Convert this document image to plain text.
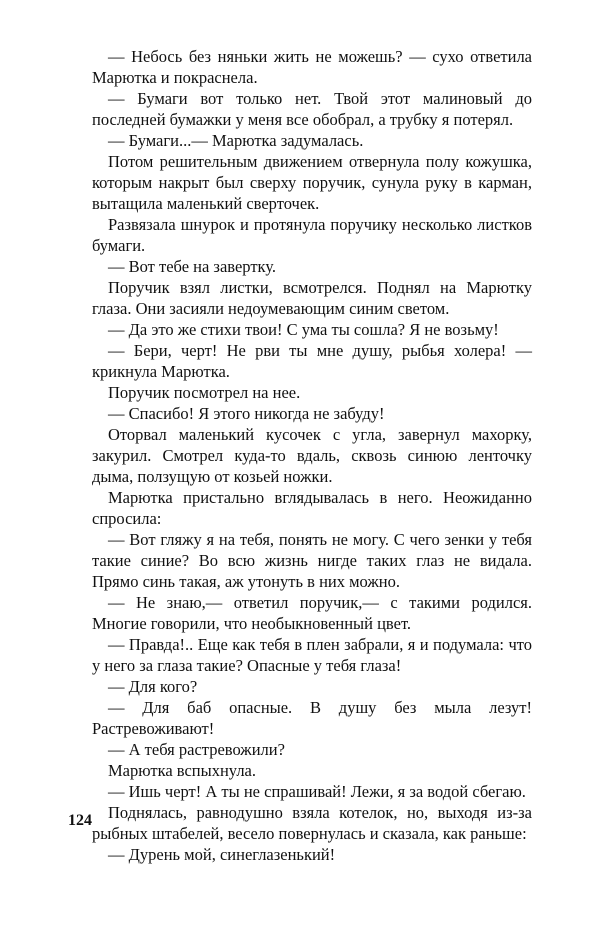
— Небось без няньки жить не можешь? — сухо ответила Марютка и покраснела.

— Бумаги вот только нет. Твой этот малиновый до последней бумажки у меня все обобрал, а трубку я потерял.

— Бумаги...— Марютка задумалась.

Потом решительным движением отвернула полу кожушка, которым накрыт был сверху поручик, сунула руку в карман, вытащила маленький сверточек.

Развязала шнурок и протянула поручику несколько листков бумаги.

— Вот тебе на завертку.

Поручик взял листки, всмотрелся. Поднял на Марютку глаза. Они засияли недоумевающим синим светом.

— Да это же стихи твои! С ума ты сошла? Я не возьму!

— Бери, черт! Не рви ты мне душу, рыбья холера! — крикнула Марютка.

Поручик посмотрел на нее.

— Спасибо! Я этого никогда не забуду!

Оторвал маленький кусочек с угла, завернул махорку, закурил. Смотрел куда-то вдаль, сквозь синюю ленточку дыма, ползущую от козьей ножки.

Марютка пристально вглядывалась в него. Неожиданно спросила:

— Вот гляжу я на тебя, понять не могу. С чего зенки у тебя такие синие? Во всю жизнь нигде таких глаз не видала. Прямо синь такая, аж утонуть в них можно.

— Не знаю,— ответил поручик,— с такими родился. Многие говорили, что необыкновенный цвет.

— Правда!.. Еще как тебя в плен забрали, я и подумала: что у него за глаза такие? Опасные у тебя глаза!

— Для кого?

— Для баб опасные. В душу без мыла лезут! Растревоживают!

— А тебя растревожили?

Марютка вспыхнула.

— Ишь черт! А ты не спрашивай! Лежи, я за водой сбегаю.

Поднялась, равнодушно взяла котелок, но, выходя из-за рыбных штабелей, весело повернулась и сказала, как раньше:

— Дурень мой, синеглазенький!

124
